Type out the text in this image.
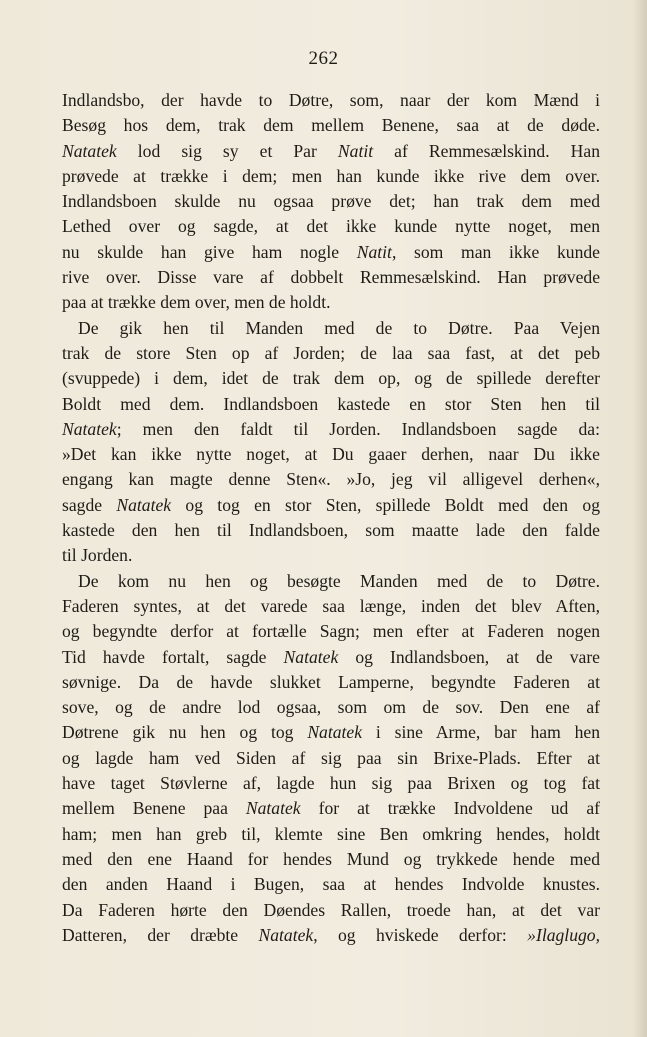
262
Indlandsbo, der havde to Døtre, som, naar der kom Mænd i
Besøg hos dem, trak dem mellem Benene, saa at de døde.
Natatek lod sig sy et Par Natit af Remmesælskind. Han
prøvede at trække i dem; men han kunde ikke rive dem over.
Indlandsboen skulde nu ogsaa prøve det; han trak dem med
Lethed over og sagde, at det ikke kunde nytte noget, men
nu skulde han give ham nogle Natit, som man ikke kunde
rive over. Disse vare af dobbelt Remmesælskind. Han prøvede
paa at trække dem over, men de holdt.
De gik hen til Manden med de to Døtre. Paa Vejen
trak de store Sten op af Jorden; de laa saa fast, at det peb
(svuppede) i dem, idet de trak dem op, og de spillede derefter
Boldt med dem. Indlandsboen kastede en stor Sten hen til
Natatek; men den faldt til Jorden. Indlandsboen sagde da:
»Det kan ikke nytte noget, at Du gaaer derhen, naar Du ikke
engang kan magte denne Sten«. »Jo, jeg vil alligevel derhen«,
sagde Natatek og tog en stor Sten, spillede Boldt med den og
kastede den hen til Indlandsboen, som maatte lade den falde
til Jorden.
De kom nu hen og besøgte Manden med de to Døtre.
Faderen syntes, at det varede saa længe, inden det blev Aften,
og begyndte derfor at fortælle Sagn; men efter at Faderen nogen
Tid havde fortalt, sagde Natatek og Indlandsboen, at de vare
søvnige. Da de havde slukket Lamperne, begyndte Faderen at
sove, og de andre lod ogsaa, som om de sov. Den ene af
Døtrene gik nu hen og tog Natatek i sine Arme, bar ham hen
og lagde ham ved Siden af sig paa sin Brixe-Plads. Efter at
have taget Støvlerne af, lagde hun sig paa Brixen og tog fat
mellem Benene paa Natatek for at trække Indvoldene ud af
ham; men han greb til, klemte sine Ben omkring hendes, holdt
med den ene Haand for hendes Mund og trykkede hende med
den anden Haand i Bugen, saa at hendes Indvolde knustes.
Da Faderen hørte den Døendes Rallen, troede han, at det var
Datteren, der dræbte Natatek, og hviskede derfor: »Ilaglugo,
